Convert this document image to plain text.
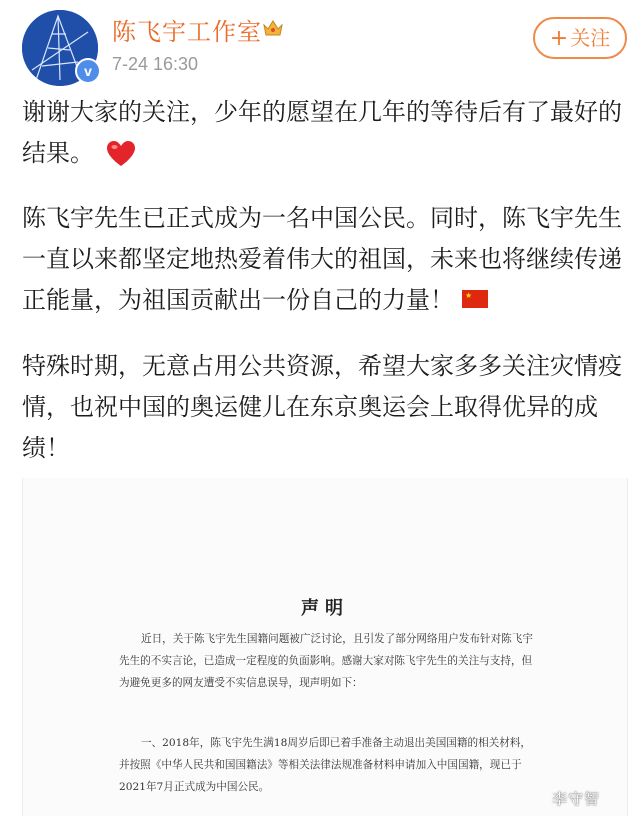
v
陈飞宇工作室
7-24 16:30
+ 关注
谢谢大家的关注，少年的愿望在几年的等待后有了最好的结果。
陈飞宇先生已正式成为一名中国公民。同时，陈飞宇先生一直以来都坚定地热爱着伟大的祖国，未来也将继续传递正能量，为祖国贡献出一份自己的力量！ ★
特殊时期，无意占用公共资源，希望大家多多关注灾情疫情，也祝中国的奥运健儿在东京奥运会上取得优异的成绩！
声明
近日，关于陈飞宇先生国籍问题被广泛讨论，且引发了部分网络用户发布针对陈飞宇先生的不实言论，已造成一定程度的负面影响。感谢大家对陈飞宇先生的关注与支持，但为避免更多的网友遭受不实信息误导，现声明如下：
一、2018年，陈飞宇先生满18周岁后即已着手准备主动退出美国国籍的相关材料，并按照《中华人民共和国国籍法》等相关法律法规准备材料申请加入中国国籍，现已于2021年7月正式成为中国公民。
李守智
